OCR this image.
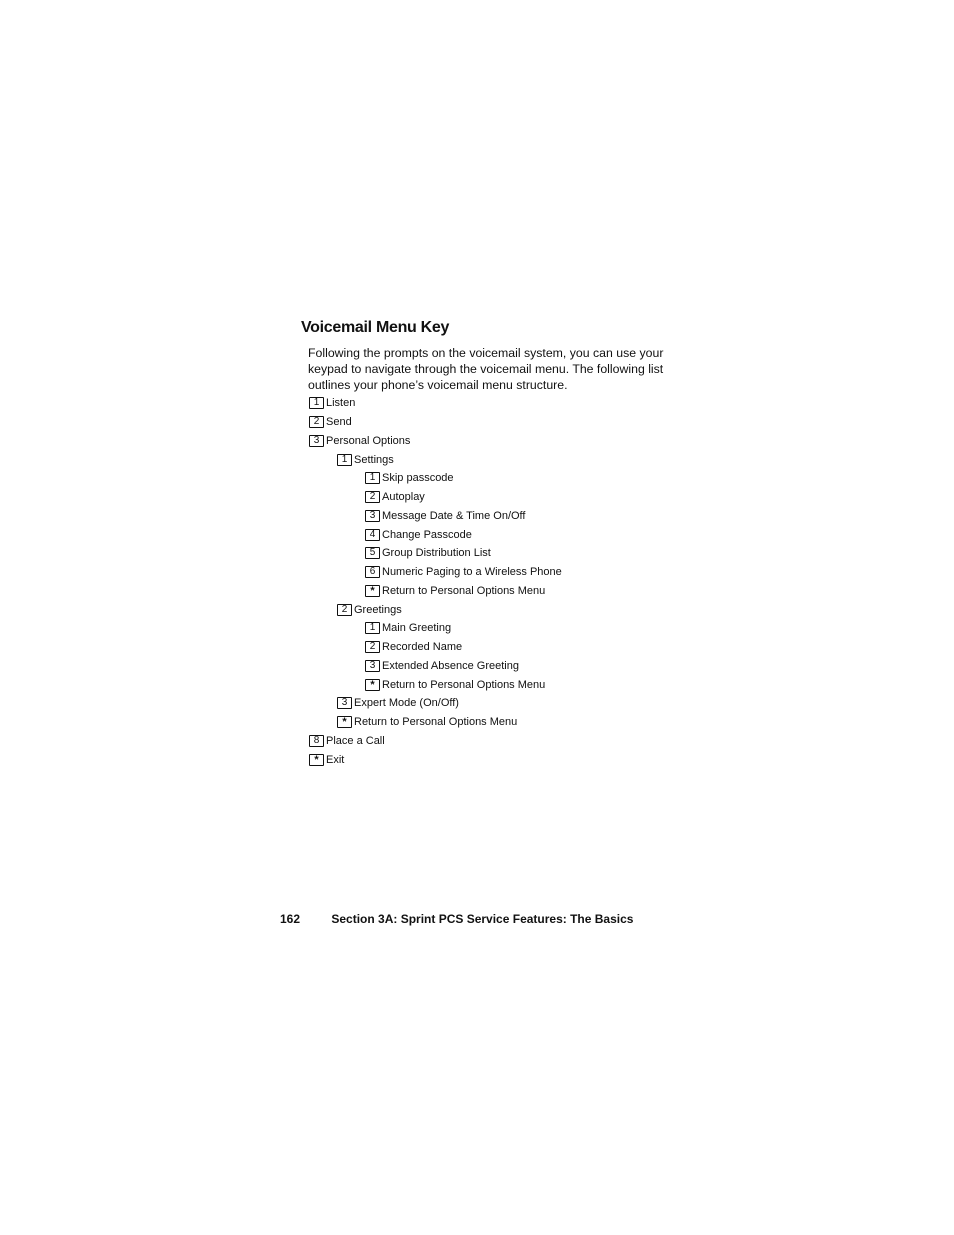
Voicemail Menu Key

Following the prompts on the voicemail system, you can use your keypad to navigate through the voicemail menu. The following list outlines your phone’s voicemail menu structure.

1 Listen
2 Send
3 Personal Options
1 Settings
1 Skip passcode
2 Autoplay
3 Message Date & Time On/Off
4 Change Passcode
5 Group Distribution List
6 Numeric Paging to a Wireless Phone
* Return to Personal Options Menu
2 Greetings
1 Main Greeting
2 Recorded Name
3 Extended Absence Greeting
* Return to Personal Options Menu
3 Expert Mode (On/Off)
* Return to Personal Options Menu
8 Place a Call
* Exit
162	Section 3A: Sprint PCS Service Features: The Basics
